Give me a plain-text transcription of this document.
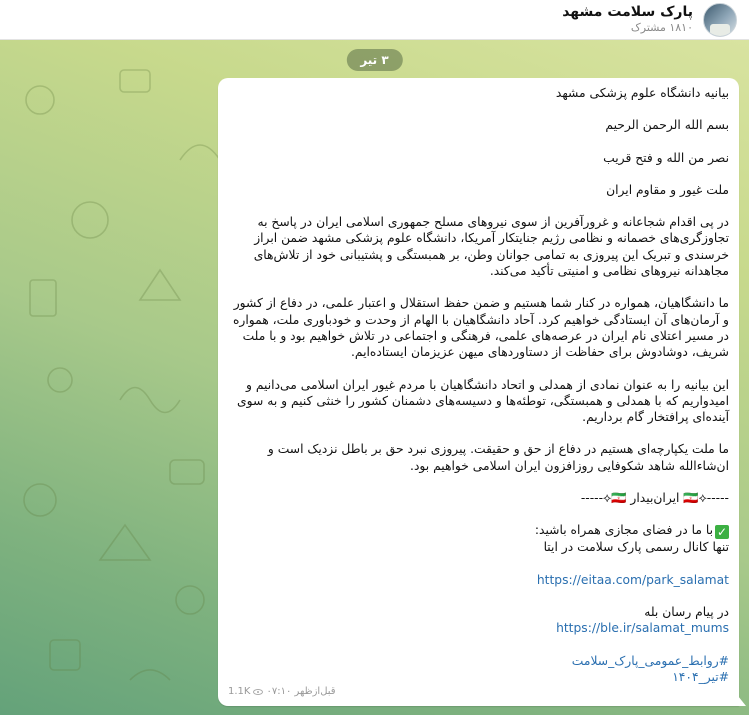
پارک سلامت مشهد
۱۸۱۰ مشترک
۳ تیر

بیانیه دانشگاه علوم پزشکی مشهد

بسم الله الرحمن الرحیم

نصر من الله و فتح قریب

ملت غیور و مقاوم ایران

در پی اقدام شجاعانه و غرورآفرین از سوی نیروهای مسلح جمهوری اسلامی ایران در پاسخ به تجاوزگری‌های خصمانه و نظامی رژیم جنایتکار آمریکا، دانشگاه علوم پزشکی مشهد ضمن ابراز خرسندی و تبریک این پیروزی به تمامی جوانان وطن، بر همبستگی و پشتیبانی خود از تلاش‌های مجاهدانه نیروهای نظامی و امنیتی تأکید می‌کند.

ما دانشگاهیان، همواره در کنار شما هستیم و ضمن حفظ استقلال و اعتبار علمی، در دفاع از کشور و آرمان‌های آن ایستادگی خواهیم کرد. آحاد دانشگاهیان با الهام از وحدت و خودباوری ملت، همواره در مسیر اعتلای نام ایران در عرصه‌های علمی، فرهنگی و اجتماعی در تلاش خواهیم بود و با ملت شریف، دوشادوش برای حفاظت از دستاوردهای میهن عزیزمان ایستاده‌ایم.

این بیانیه را به عنوان نمادی از همدلی و اتحاد دانشگاهیان با مردم غیور ایران اسلامی می‌دانیم و امیدواریم که با همدلی و همبستگی، توطئه‌ها و دسیسه‌های دشمنان کشور را خنثی کنیم و به سوی آینده‌ای پرافتخار گام برداریم.

ما ملت یکپارچه‌ای هستیم در دفاع از حق و حقیقت. پیروزی نبرد حق بر باطل نزدیک است و ان‌شاءالله شاهد شکوفایی روزافزون ایران اسلامی خواهیم بود.

-----⟡🇮🇷 ایران‌بیدار 🇮🇷⟡-----

✓با ما در فضای مجازی همراه باشید:

تنها کانال رسمی پارک سلامت در ایتا

https://eitaa.com/park_salamat

در پیام رسان بله

https://ble.ir/salamat_mums

#روابط_عمومی_پارک_سلامت

#تیر_۱۴۰۴

1.1K ۰۷:۱۰ قبل‌ازظهر
